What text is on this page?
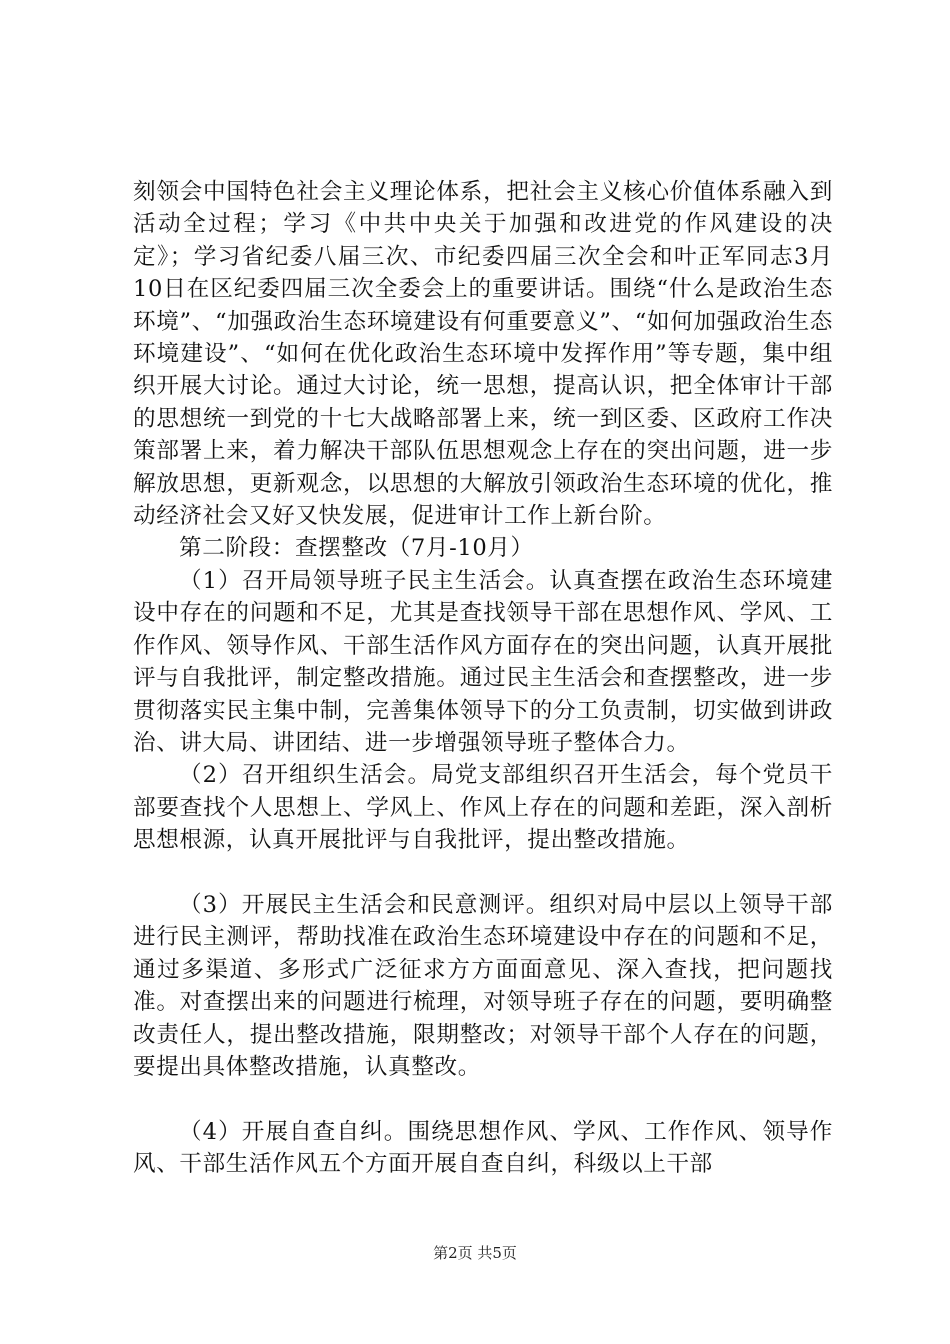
刻领会中国特色社会主义理论体系，把社会主义核心价值体系融入到活动全过程；学习《中共中央关于加强和改进党的作风建设的决定》；学习省纪委八届三次、市纪委四届三次全会和叶正军同志3月10日在区纪委四届三次全委会上的重要讲话。围绕“什么是政治生态环境”、“加强政治生态环境建设有何重要意义”、“如何加强政治生态环境建设”、“如何在优化政治生态环境中发挥作用”等专题，集中组织开展大讨论。通过大讨论，统一思想，提高认识，把全体审计干部的思想统一到党的十七大战略部署上来，统一到区委、区政府工作决策部署上来，着力解决干部队伍思想观念上存在的突出问题，进一步解放思想，更新观念，以思想的大解放引领政治生态环境的优化，推动经济社会又好又快发展，促进审计工作上新台阶。

第二阶段：查摆整改（7月-10月）

（1）召开局领导班子民主生活会。认真查摆在政治生态环境建设中存在的问题和不足，尤其是查找领导干部在思想作风、学风、工作作风、领导作风、干部生活作风方面存在的突出问题，认真开展批评与自我批评，制定整改措施。通过民主生活会和查摆整改，进一步贯彻落实民主集中制，完善集体领导下的分工负责制，切实做到讲政治、讲大局、讲团结、进一步增强领导班子整体合力。

（2）召开组织生活会。局党支部组织召开生活会，每个党员干部要查找个人思想上、学风上、作风上存在的问题和差距，深入剖析思想根源，认真开展批评与自我批评，提出整改措施。

（3）开展民主生活会和民意测评。组织对局中层以上领导干部进行民主测评，帮助找准在政治生态环境建设中存在的问题和不足，通过多渠道、多形式广泛征求方方面面意见、深入查找，把问题找准。对查摆出来的问题进行梳理，对领导班子存在的问题，要明确整改责任人，提出整改措施，限期整改；对领导干部个人存在的问题，要提出具体整改措施，认真整改。

（4）开展自查自纠。围绕思想作风、学风、工作作风、领导作风、干部生活作风五个方面开展自查自纠，科级以上干部

第2页 共5页
